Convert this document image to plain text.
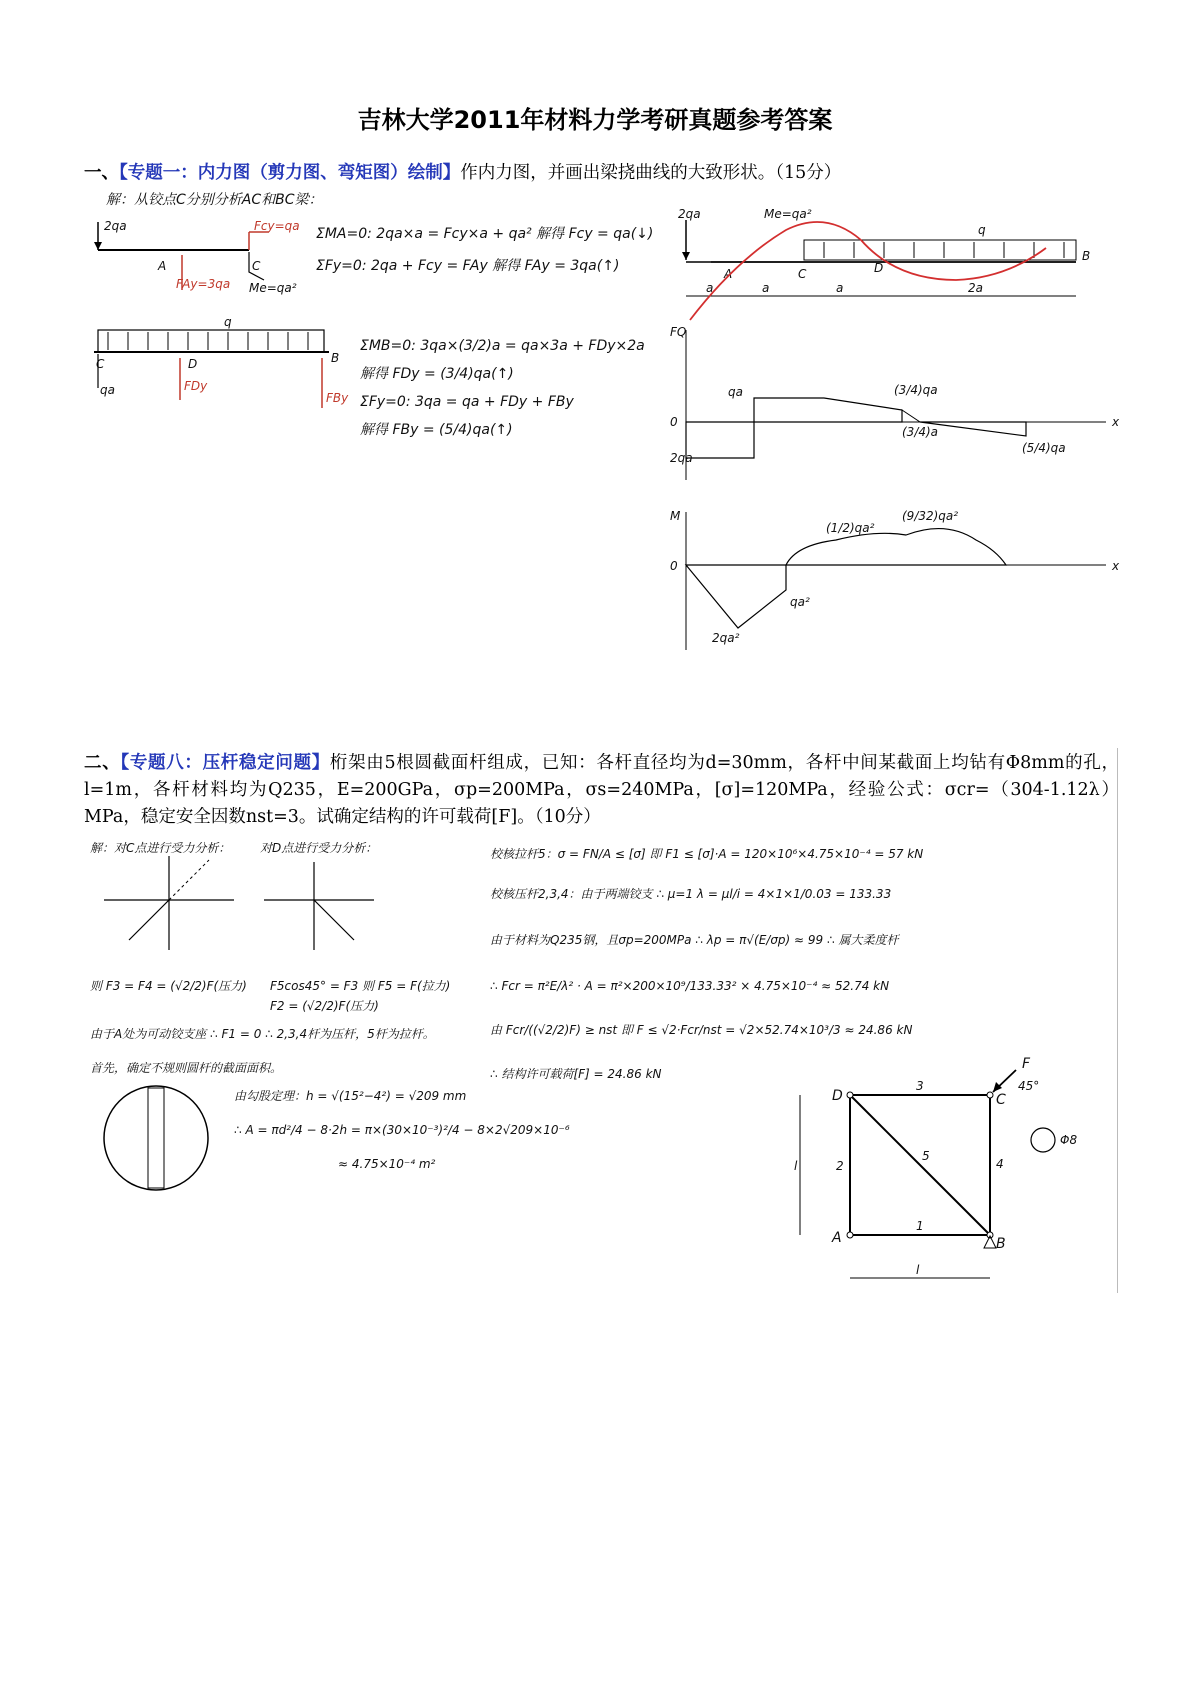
吉林大学2011年材料力学考研真题参考答案
一、【专题一：内力图（剪力图、弯矩图）绘制】作内力图，并画出梁挠曲线的大致形状。（15分）
解：从铰点C分别分析AC和BC梁：
2qa	Fcy=qa
FAy=3qa
A	C
Me=qa²
ΣMA=0: 2qa×a = Fcy×a + qa² 解得 Fcy = qa(↓)
ΣFy=0: 2qa + Fcy = FAy 解得 FAy = 3qa(↑)
q
C	D	B
qa	FDy
FBy
ΣMB=0: 3qa×(3/2)a = qa×3a + FDy×2a
解得 FDy = (3/4)qa(↑)
ΣFy=0: 3qa = qa + FDy + FBy
解得 FBy = (5/4)qa(↑)
2qa	Me=qa²
q
A	C	D
B
a	a	a	2a
FQ
x
0
2qa
qa	(3/4)qa
(5/4)qa
(3/4)a
M
x
0
2qa²
qa²
(1/2)qa²
(9/32)qa²
二、【专题八：压杆稳定问题】桁架由5根圆截面杆组成，已知：各杆直径均为d=30mm，各杆中间某截面上均钻有Φ8mm的孔，l=1m，各杆材料均为Q235，E=200GPa，σp=200MPa，σs=240MPa，[σ]=120MPa，经验公式：σcr=（304-1.12λ）MPa，稳定安全因数nst=3。试确定结构的许可载荷[F]。（10分）
解：对C点进行受力分析： 对D点进行受力分析：
则 F3 = F4 = (√2/2)F(压力) F5cos45° = F3 则 F5 = F(拉力)
F2 = (√2/2)F(压力)
由于A处为可动铰支座 ∴ F1 = 0 ∴ 2,3,4杆为压杆，5杆为拉杆。
首先，确定不规则圆杆的截面面积。
由勾股定理：h = √(15²−4²) = √209 mm
∴ A = πd²/4 − 8·2h = π×(30×10⁻³)²/4 − 8×2√209×10⁻⁶
≈ 4.75×10⁻⁴ m²
校核拉杆5：σ = FN/A ≤ [σ] 即 F1 ≤ [σ]·A = 120×10⁶×4.75×10⁻⁴ = 57 kN
校核压杆2,3,4：由于两端铰支 ∴ μ=1 λ = μl/i = 4×1×1/0.03 = 133.33
由于材料为Q235钢，且σp=200MPa ∴ λp = π√(E/σp) ≈ 99 ∴ 属大柔度杆
∴ Fcr = π²E/λ² · A = π²×200×10⁹/133.33² × 4.75×10⁻⁴ ≈ 52.74 kN
由 Fcr/((√2/2)F) ≥ nst 即 F ≤ √2·Fcr/nst = √2×52.74×10³/3 ≈ 24.86 kN
∴ 结构许可载荷[F] = 24.86 kN
F
45°
D	C
A	B
1
2
3
4
5
l
l
Φ8
